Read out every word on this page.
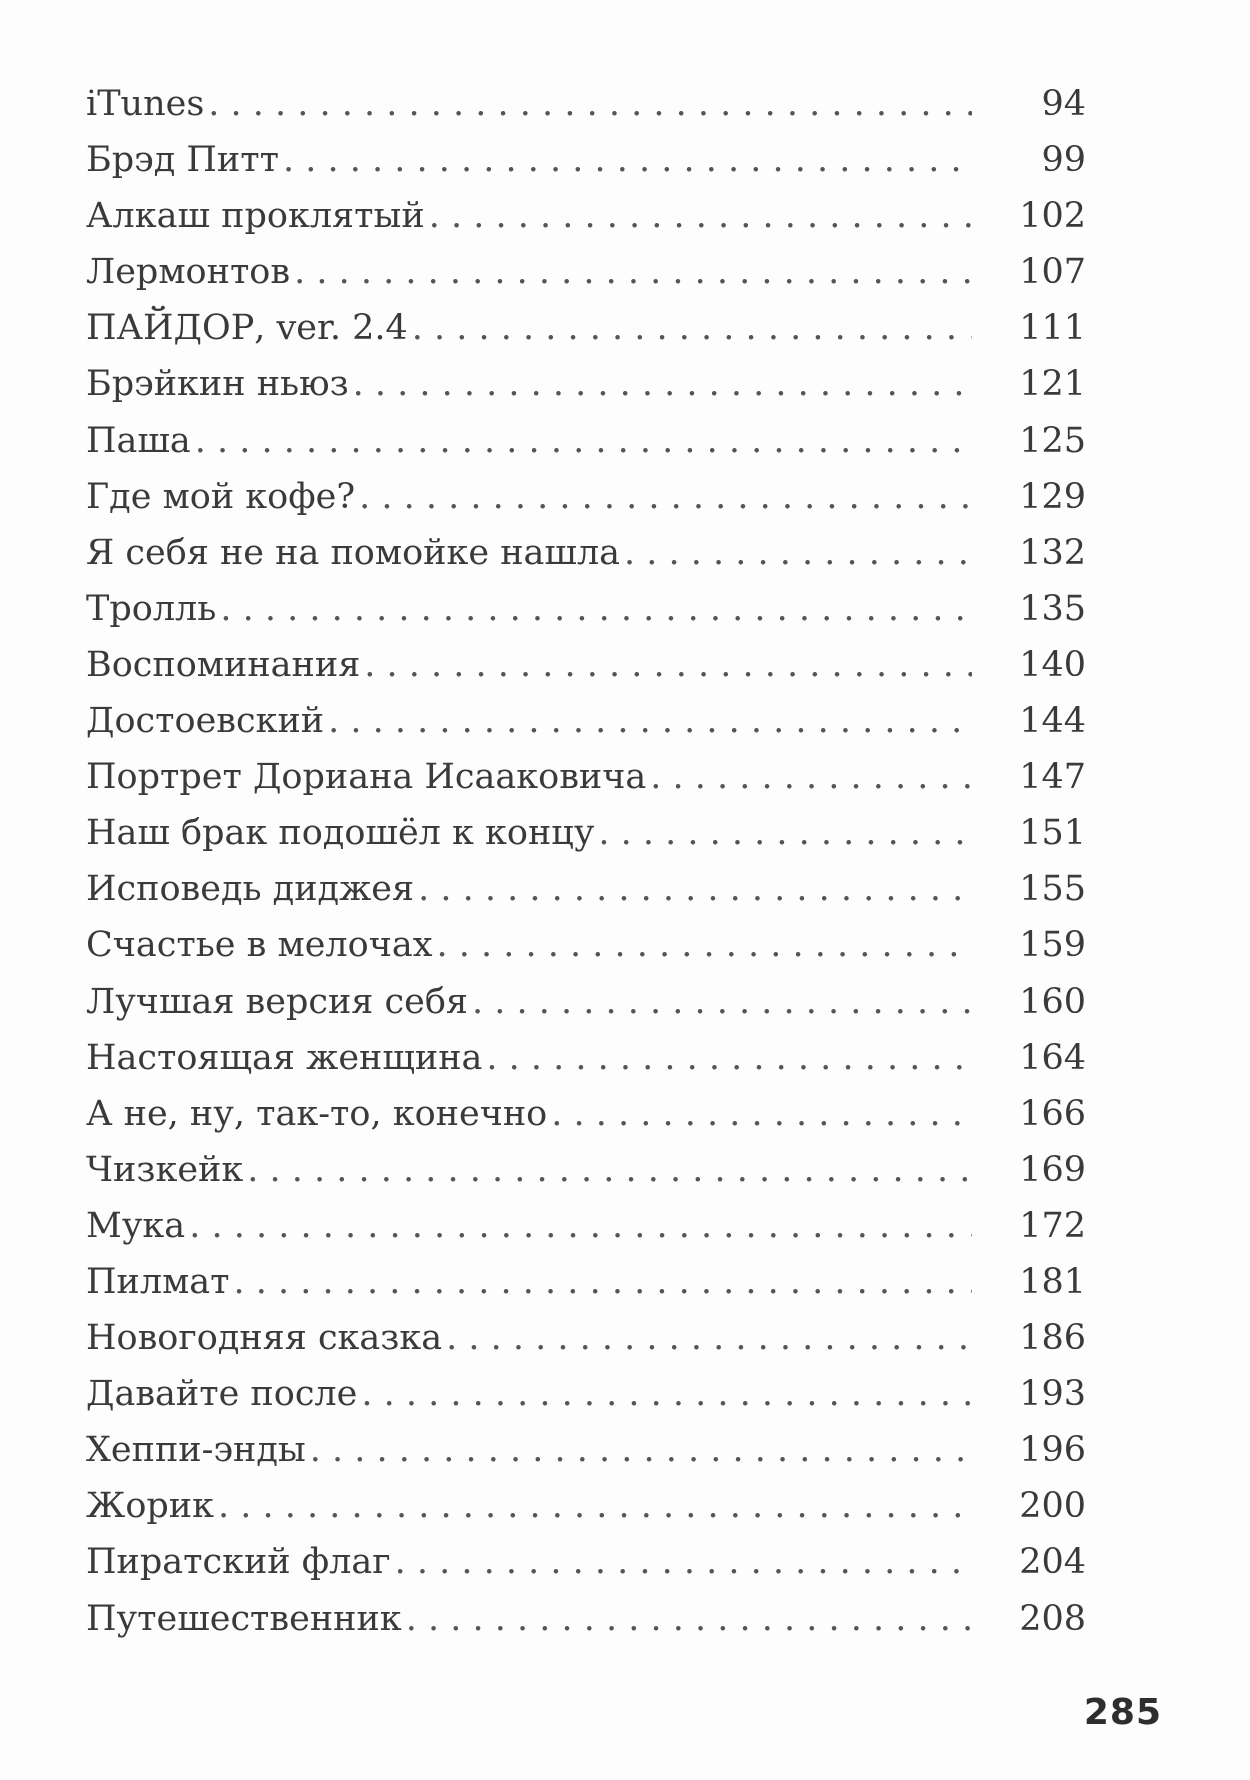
iTunes . . .	94
Брэд Питт . . .	99
Алкаш проклятый . . .	102
Лермонтов . . .	107
ПАЙДОР, ver. 2.4 . . .	111
Брэйкин ньюз . . .	121
Паша . . .	125
Где мой кофе? . . .	129
Я себя не на помойке нашла . . .	132
Тролль . . .	135
Воспоминания . . .	140
Достоевский . . .	144
Портрет Дориана Исааковича . . .	147
Наш брак подошёл к концу . . .	151
Исповедь диджея . . .	155
Счастье в мелочах . . .	159
Лучшая версия себя . . .	160
Настоящая женщина . . .	164
А не, ну, так-то, конечно . . .	166
Чизкейк . . .	169
Мука . . .	172
Пилмат . . .	181
Новогодняя сказка . . .	186
Давайте после . . .	193
Хеппи-энды . . .	196
Жорик . . .	200
Пиратский флаг . . .	204
Путешественник . . .	208
285
